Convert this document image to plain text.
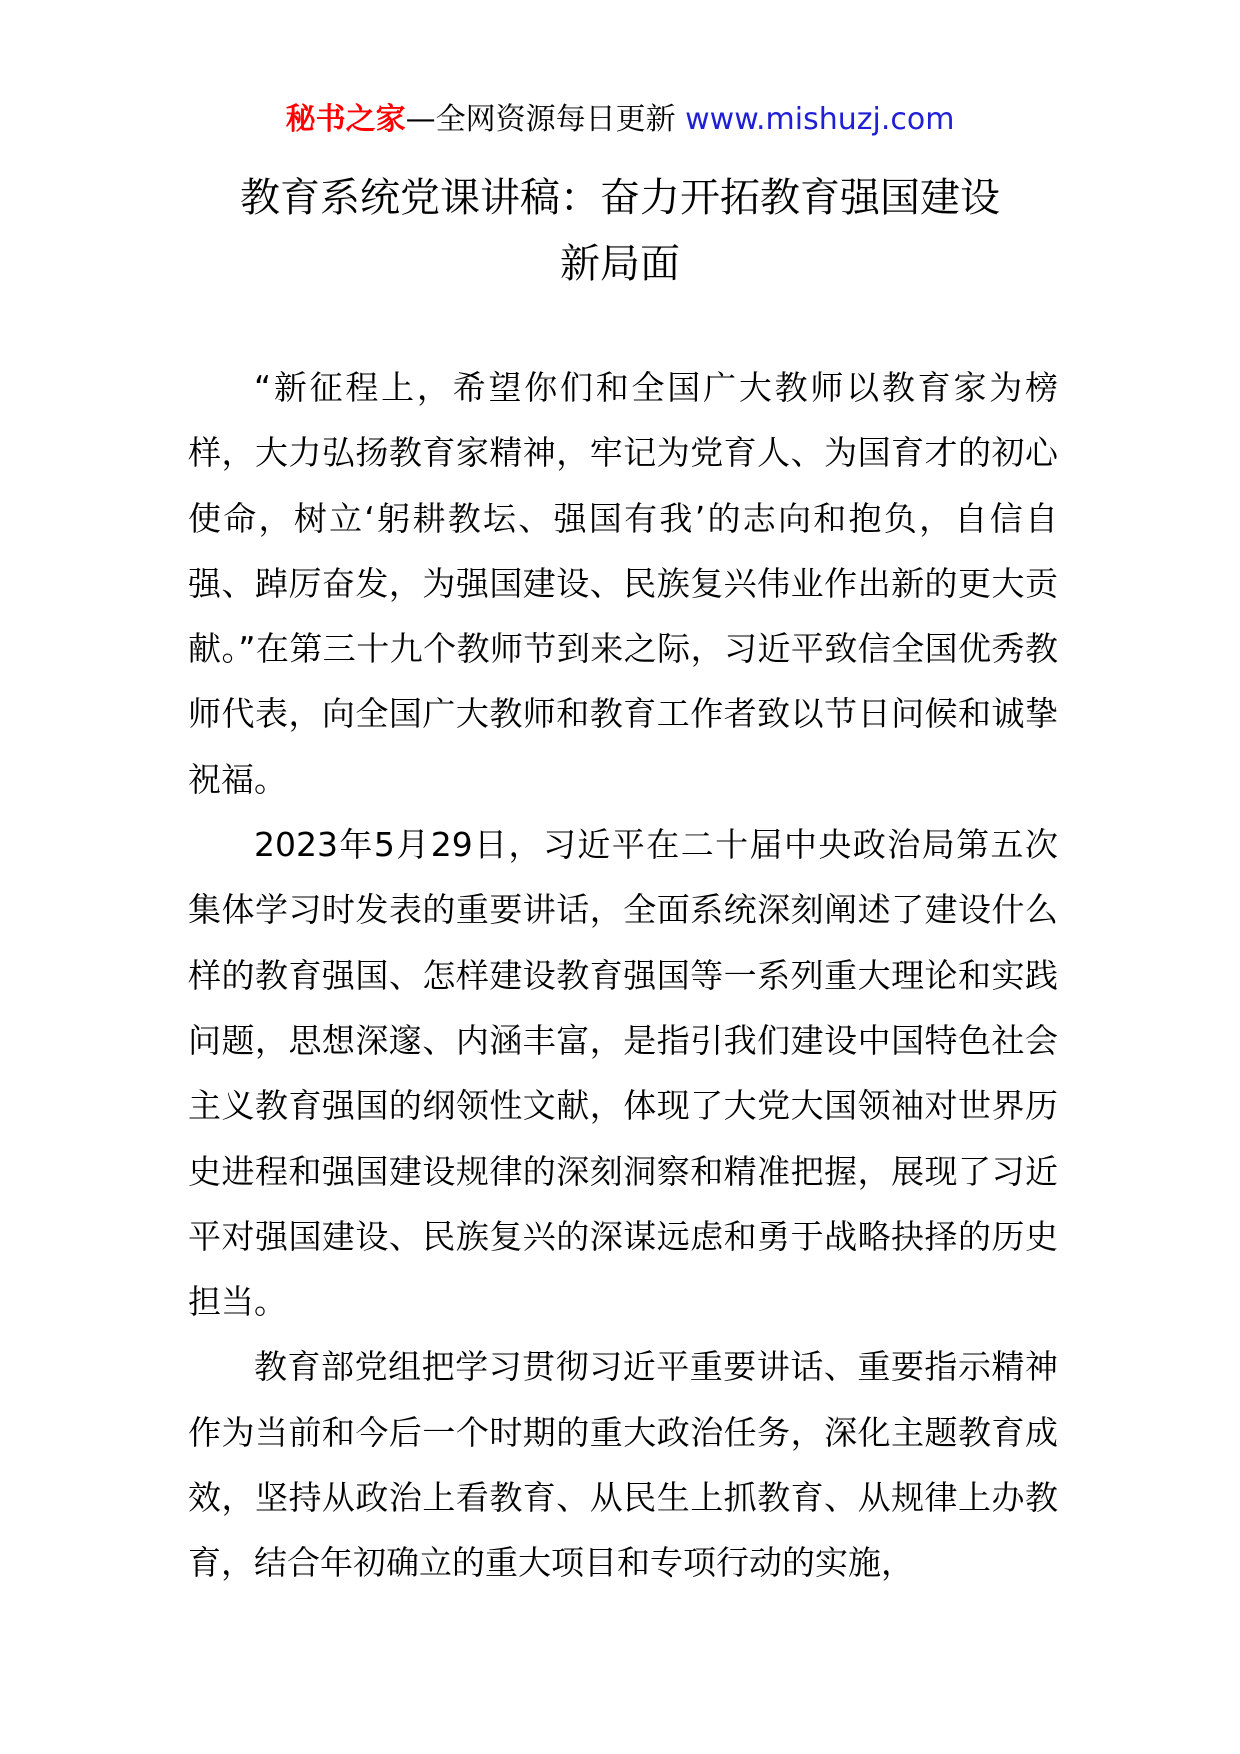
秘书之家—全网资源每日更新 www.mishuzj.com
教育系统党课讲稿：奋力开拓教育强国建设
新局面

“新征程上，希望你们和全国广大教师以教育家为榜样，大力弘扬教育家精神，牢记为党育人、为国育才的初心使命，树立‘躬耕教坛、强国有我’的志向和抱负，自信自强、踔厉奋发，为强国建设、民族复兴伟业作出新的更大贡献。”在第三十九个教师节到来之际，习近平致信全国优秀教师代表，向全国广大教师和教育工作者致以节日问候和诚挚祝福。

2023年5月29日，习近平在二十届中央政治局第五次集体学习时发表的重要讲话，全面系统深刻阐述了建设什么样的教育强国、怎样建设教育强国等一系列重大理论和实践问题，思想深邃、内涵丰富，是指引我们建设中国特色社会主义教育强国的纲领性文献，体现了大党大国领袖对世界历史进程和强国建设规律的深刻洞察和精准把握，展现了习近平对强国建设、民族复兴的深谋远虑和勇于战略抉择的历史担当。

教育部党组把学习贯彻习近平重要讲话、重要指示精神作为当前和今后一个时期的重大政治任务，深化主题教育成效，坚持从政治上看教育、从民生上抓教育、从规律上办教育，结合年初确立的重大项目和专项行动的实施，
